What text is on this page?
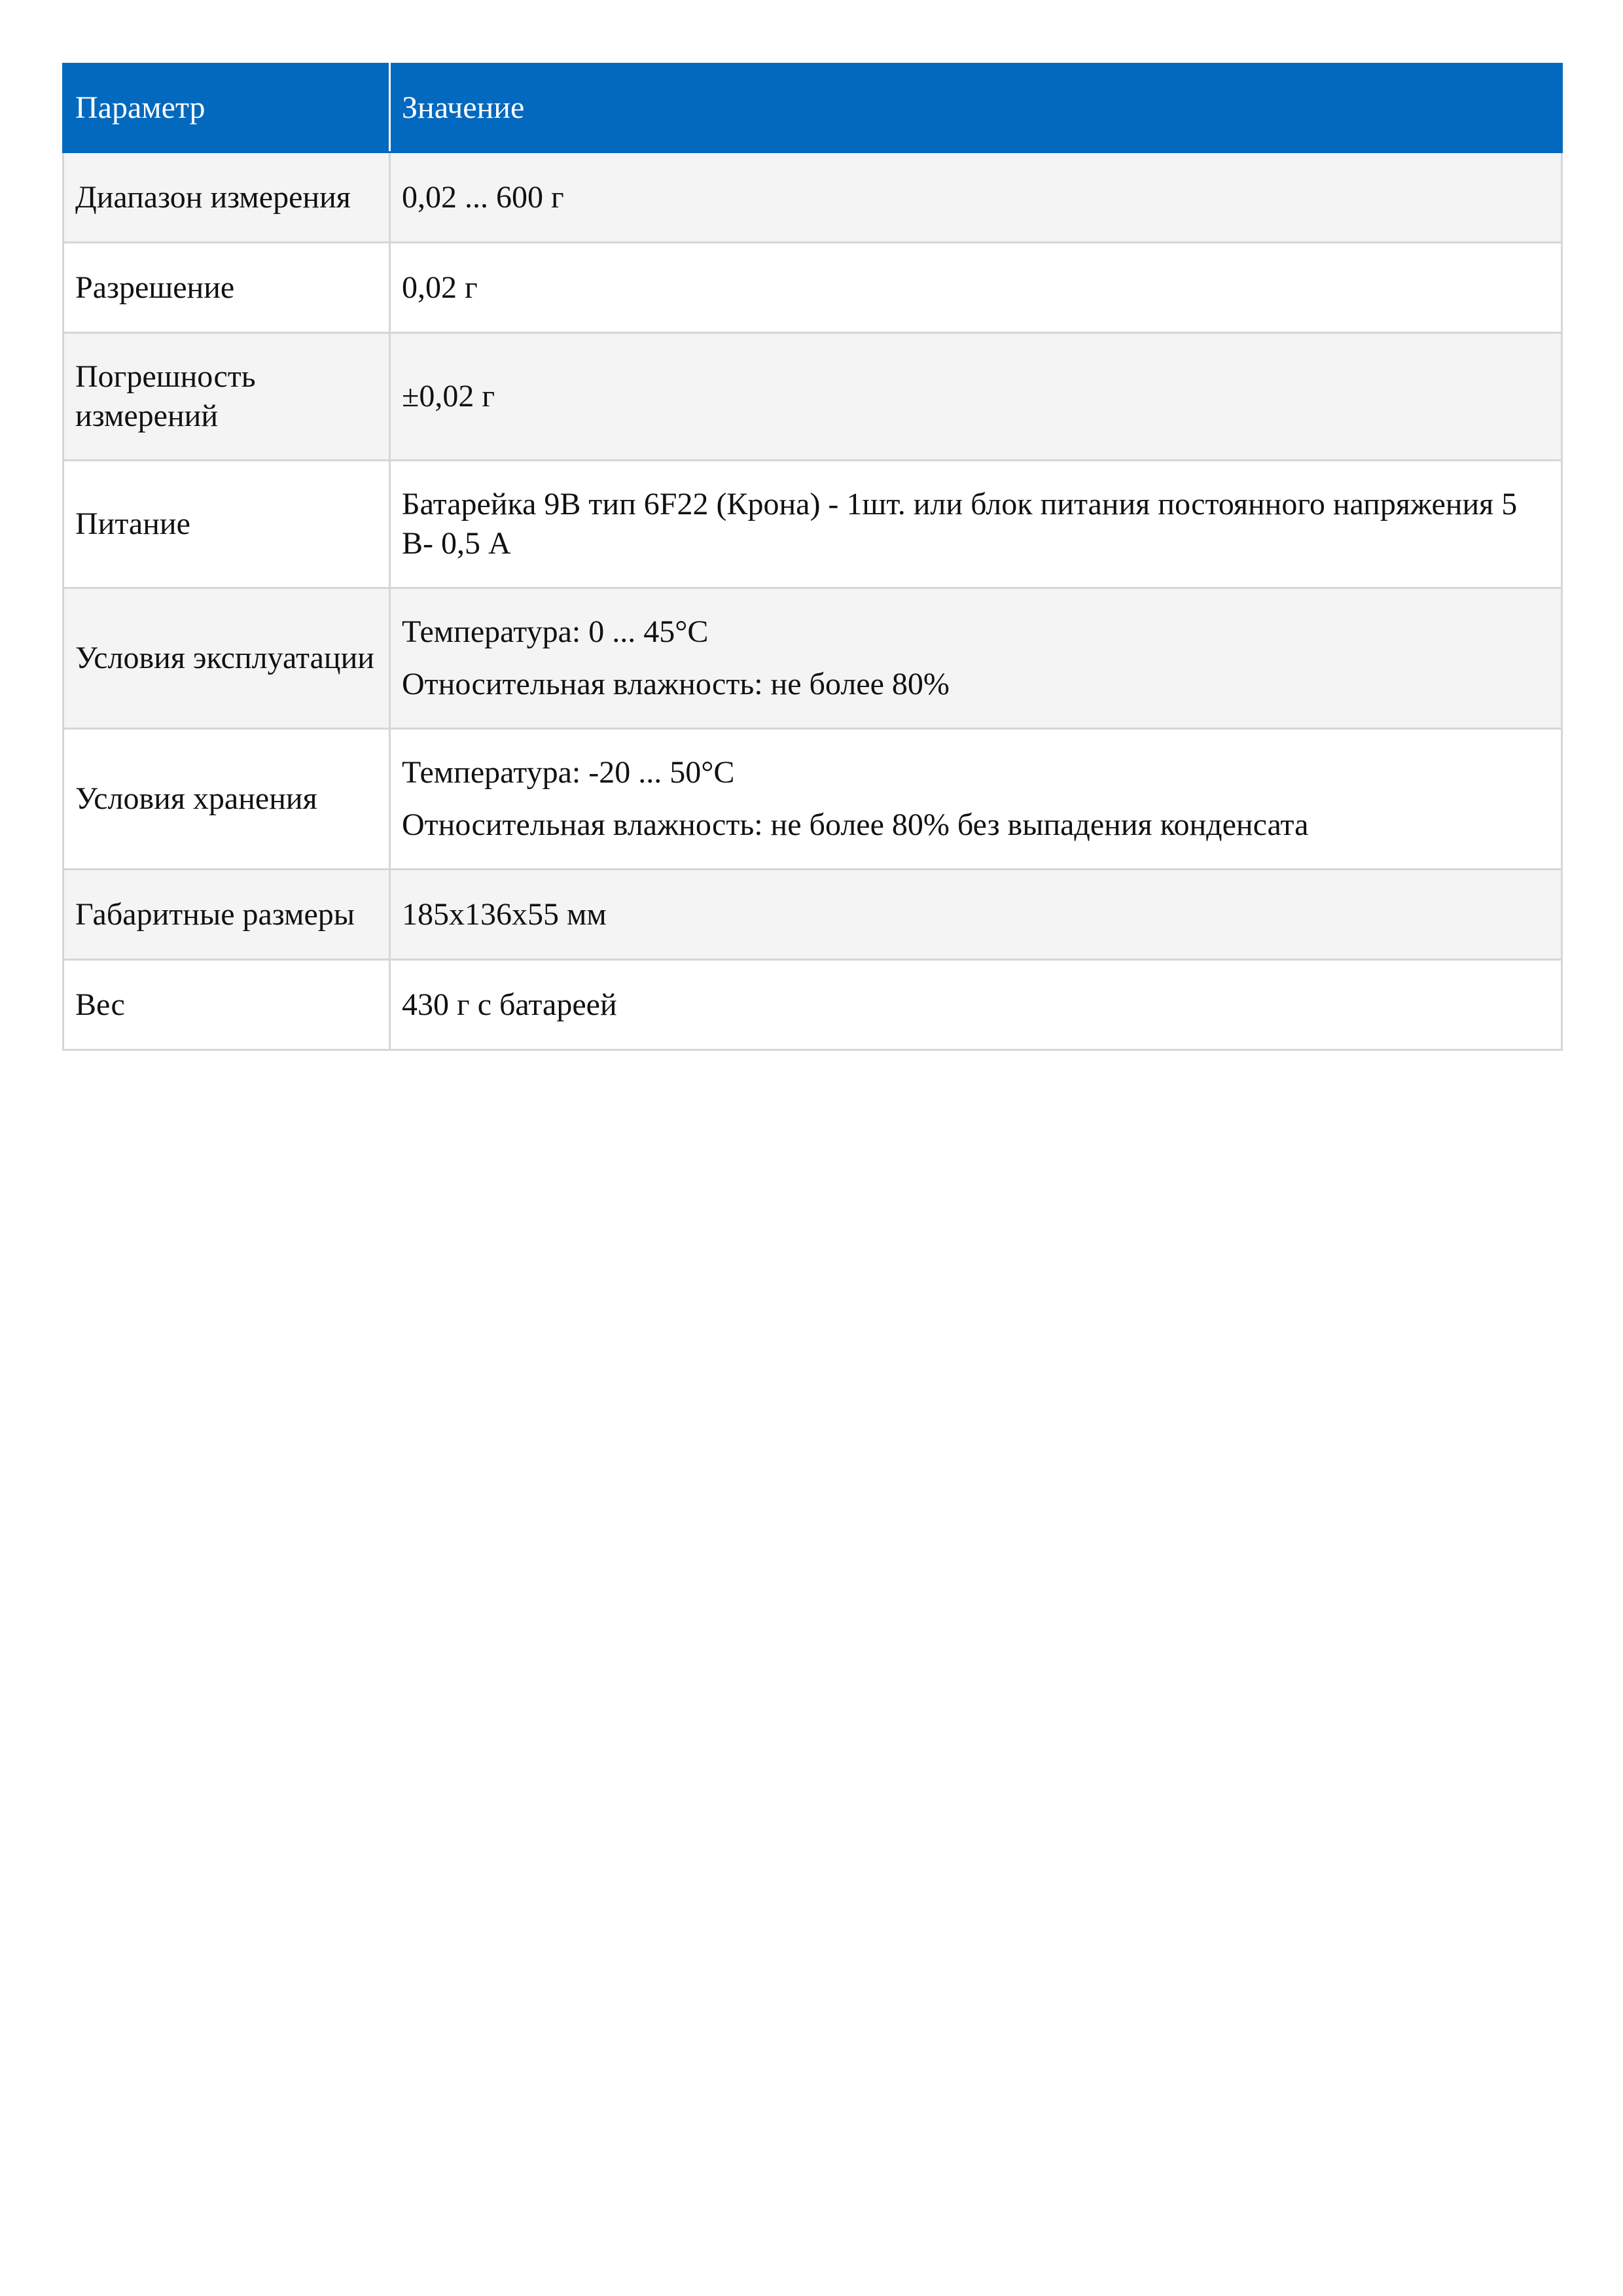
Параметр	Значение
Диапазон измерения	0,02 ... 600 г

Разрешение	0,02 г

Погрешность измерений	±0,02 г

Питание	Батарейка 9В тип 6F22 (Крона) - 1шт. или блок питания постоянного напряжения 5 В- 0,5 А

Условия эксплуатации	Температура: 0 ... 45°С
Относительная влажность: не более 80%

Условия хранения	Температура: -20 ... 50°С
Относительная влажность: не более 80% без выпадения конденсата

Габаритные размеры	185х136х55 мм

Вес	430 г с батареей
